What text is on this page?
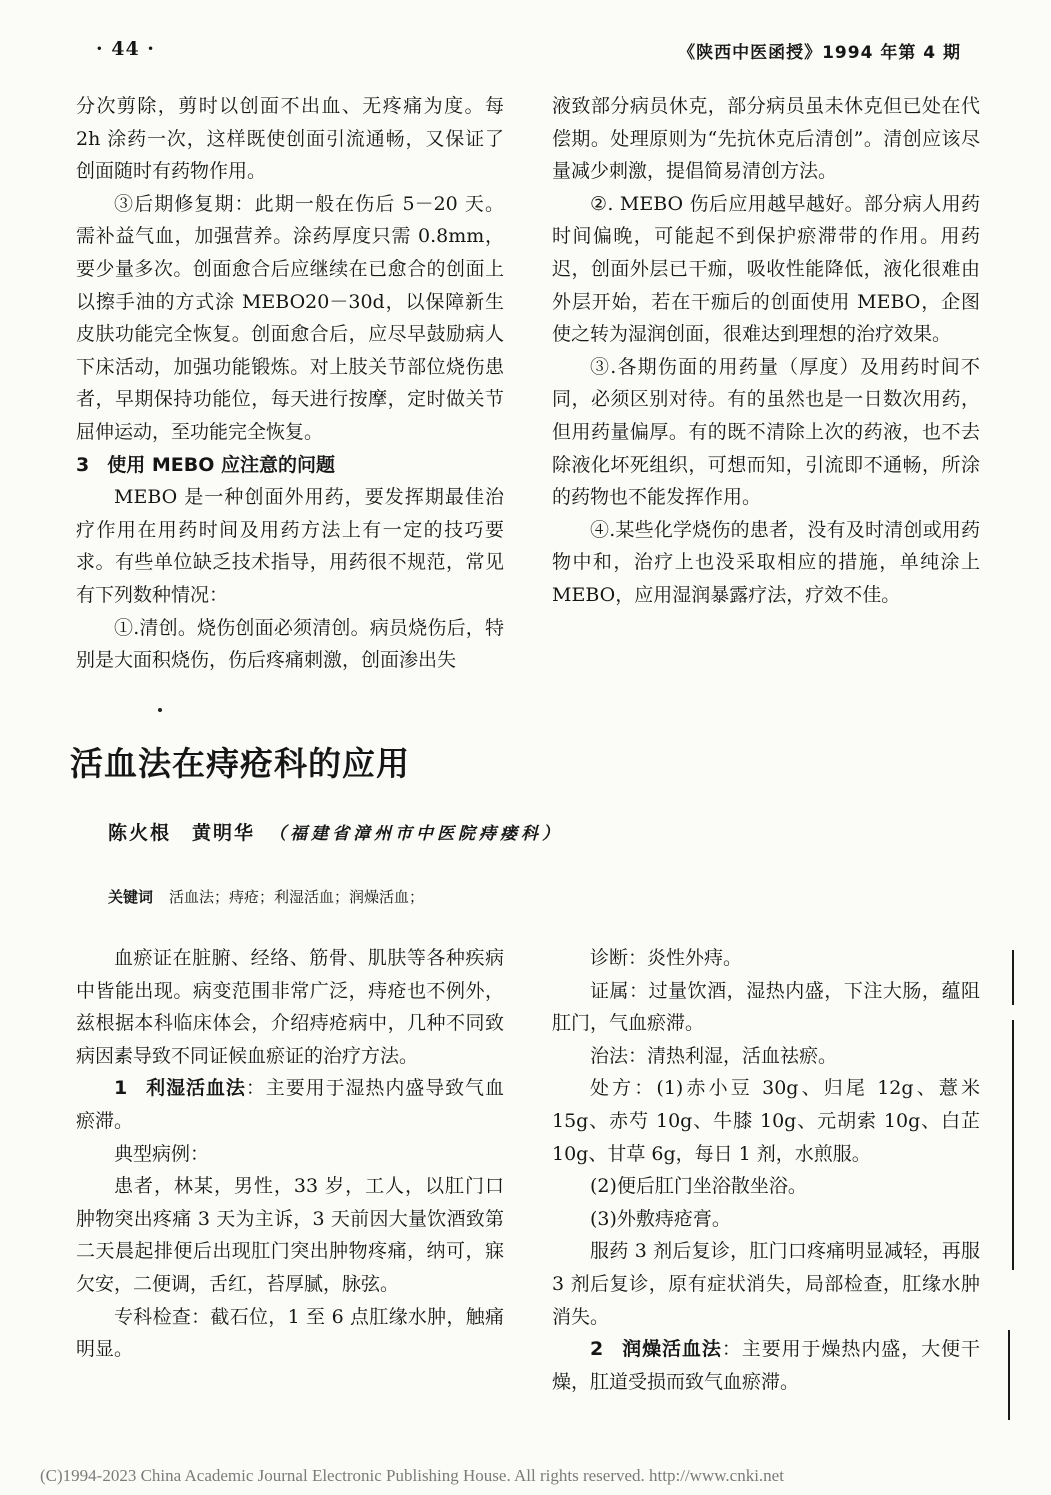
· 44 ·	《陕西中医函授》1994 年第 4 期

分次剪除，剪时以创面不出血、无疼痛为度。每 2h 涂药一次，这样既使创面引流通畅，又保证了创面随时有药物作用。

③后期修复期：此期一般在伤后 5－20 天。需补益气血，加强营养。涂药厚度只需 0.8mm，要少量多次。创面愈合后应继续在已愈合的创面上以擦手油的方式涂 MEBO20－30d，以保障新生皮肤功能完全恢复。创面愈合后，应尽早鼓励病人下床活动，加强功能锻炼。对上肢关节部位烧伤患者，早期保持功能位，每天进行按摩，定时做关节屈伸运动，至功能完全恢复。

3 使用 MEBO 应注意的问题

MEBO 是一种创面外用药，要发挥期最佳治疗作用在用药时间及用药方法上有一定的技巧要求。有些单位缺乏技术指导，用药很不规范，常见有下列数种情况：

①.清创。烧伤创面必须清创。病员烧伤后，特别是大面积烧伤，伤后疼痛刺激，创面渗出失

液致部分病员休克，部分病员虽未休克但已处在代偿期。处理原则为“先抗休克后清创”。清创应该尽量减少刺激，提倡简易清创方法。

②. MEBO 伤后应用越早越好。部分病人用药时间偏晚，可能起不到保护瘀滞带的作用。用药迟，创面外层已干痂，吸收性能降低，液化很难由外层开始，若在干痂后的创面使用 MEBO，企图使之转为湿润创面，很难达到理想的治疗效果。

③.各期伤面的用药量（厚度）及用药时间不同，必须区别对待。有的虽然也是一日数次用药，但用药量偏厚。有的既不清除上次的药液，也不去除液化坏死组织，可想而知，引流即不通畅，所涂的药物也不能发挥作用。

④.某些化学烧伤的患者，没有及时清创或用药物中和，治疗上也没采取相应的措施，单纯涂上 MEBO，应用湿润暴露疗法，疗效不佳。

活血法在痔疮科的应用
陈火根　黄明华 （福建省漳州市中医院痔瘘科）
关键词 活血法；痔疮；利湿活血；润燥活血；

血瘀证在脏腑、经络、筋骨、肌肤等各种疾病中皆能出现。病变范围非常广泛，痔疮也不例外，兹根据本科临床体会，介绍痔疮病中，几种不同致病因素导致不同证候血瘀证的治疗方法。

1 利湿活血法：主要用于湿热内盛导致气血瘀滞。

典型病例：

患者，林某，男性，33 岁，工人，以肛门口肿物突出疼痛 3 天为主诉，3 天前因大量饮酒致第二天晨起排便后出现肛门突出肿物疼痛，纳可，寐欠安，二便调，舌红，苔厚腻，脉弦。

专科检查：截石位，1 至 6 点肛缘水肿，触痛明显。

诊断：炎性外痔。

证属：过量饮酒，湿热内盛，下注大肠，蕴阻肛门，气血瘀滞。

治法：清热利湿，活血祛瘀。

处方：(1)赤小豆 30g、归尾 12g、薏米 15g、赤芍 10g、牛膝 10g、元胡索 10g、白芷 10g、甘草 6g，每日 1 剂，水煎服。

(2)便后肛门坐浴散坐浴。

(3)外敷痔疮膏。

服药 3 剂后复诊，肛门口疼痛明显减轻，再服 3 剂后复诊，原有症状消失，局部检查，肛缘水肿消失。

2 润燥活血法：主要用于燥热内盛，大便干燥，肛道受损而致气血瘀滞。

(C)1994-2023 China Academic Journal Electronic Publishing House. All rights reserved. http://www.cnki.net
